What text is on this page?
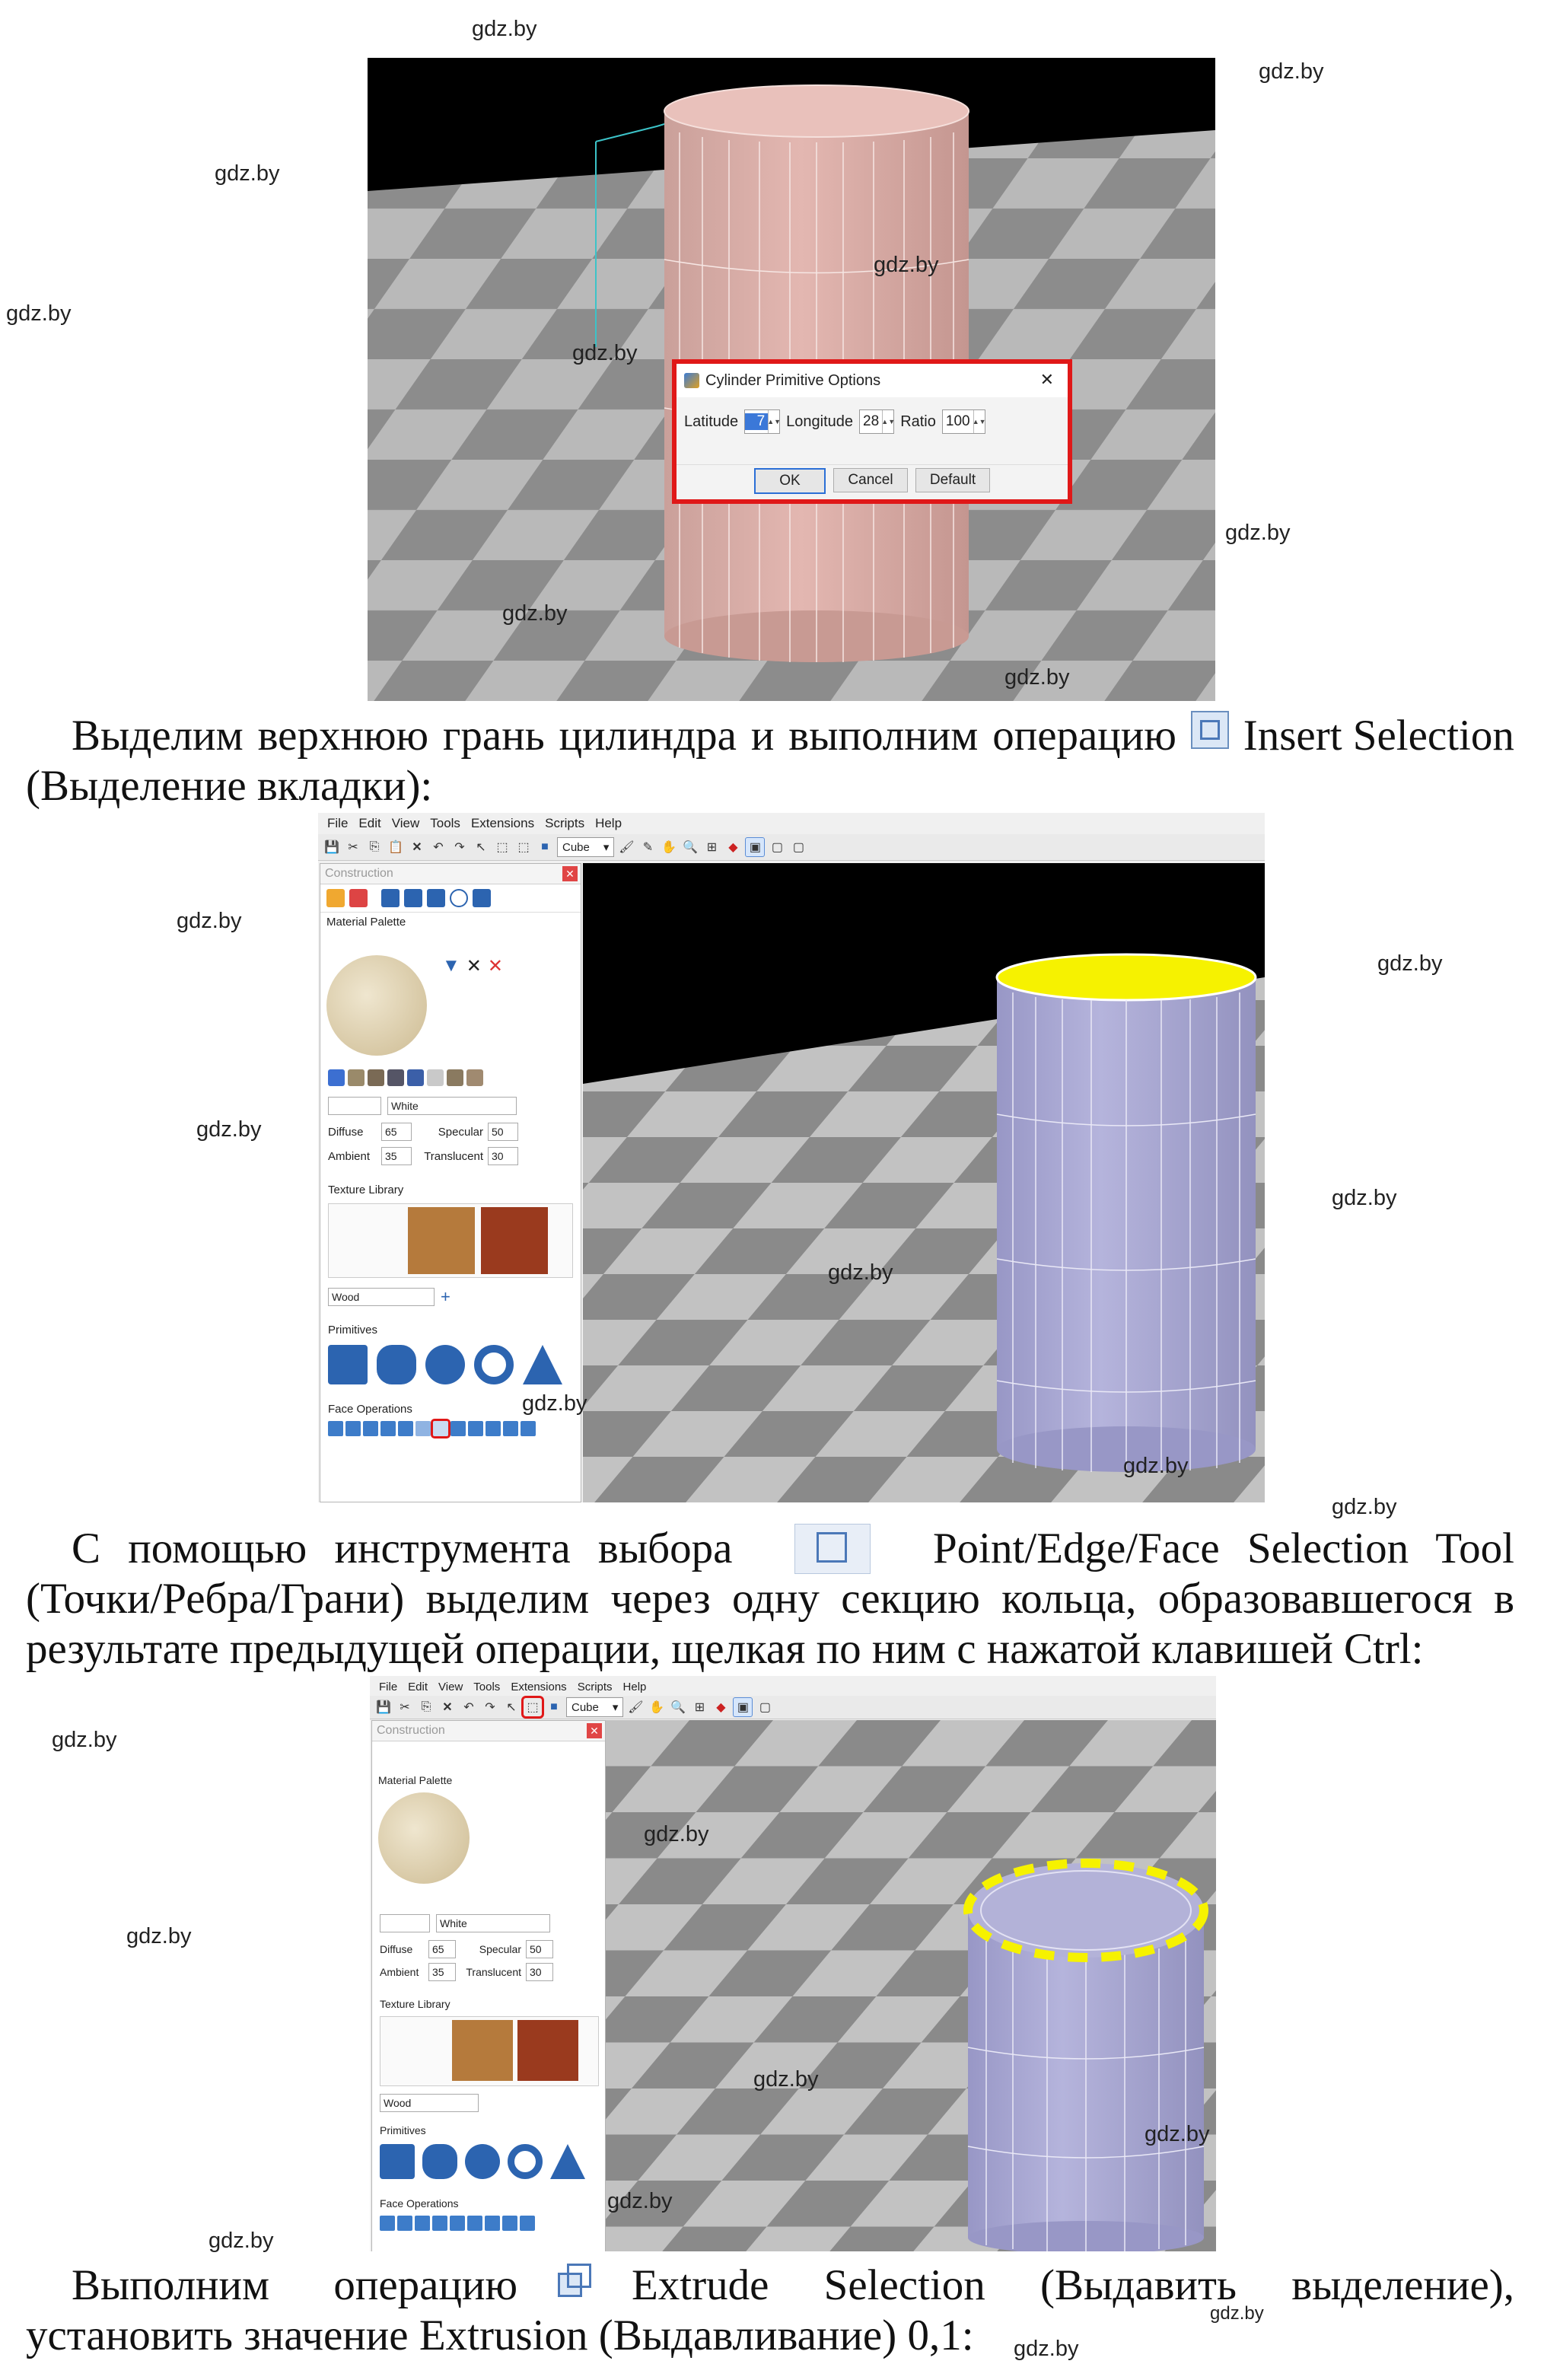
Cylinder Primitive Options	✕
Latitude	7 ▲▼ Longitude 28 ▲▼ Ratio 100 ▲▼
OK	Cancel	Default
Выделим верхнюю грань цилиндра и выполним операцию Insert Selection
(Выделение вкладки):
File Edit View Tools Extensions Scripts Help
💾 ✂ ⎘ 📋 ✕ ↶ ↷ ↖ ⬚ ⬚ ■	Cube ▾ 🖌 ✎ ✋ 🔍 ⊞ ◆ ▣ ▢ ▢
Construction	✕
Material Palette
▼ ✕ ✕
White
Diffuse	65	Specular 50
Ambient	35	Translucent 30
Texture Library
Wood	+
Primitives
Face Operations
С помощью инструмента выбора	Point/Edge/Face Selection Tool
(Точки/Ребра/Грани) выделим через одну секцию кольца, образовавшегося в
результате предыдущей операции, щелкая по ним с нажатой клавишей Ctrl:
File Edit View Tools Extensions Scripts Help
💾 ✂ ⎘ ✕ ↶ ↷ ↖ ⬚ ■	Cube ▾ 🖌 ✋ 🔍 ⊞ ◆ ▣ ▢
Construction	✕
Material Palette
White
Diffuse	65	Specular 50
Ambient	35	Translucent 30
Texture Library
Wood
Primitives
Face Operations
Выполним операцию	Extrude Selection (Выдавить выделение),
установить значение Extrusion (Выдавливание) 0,1:
gdz.by
gdz.by
gdz.by
gdz.by
gdz.by
gdz.by
gdz.by
gdz.by
gdz.by
gdz.by
gdz.by
gdz.by
gdz.by
gdz.by
gdz.by
gdz.by
gdz.by
gdz.by
gdz.by
gdz.by
gdz.by
gdz.by
gdz.by
gdz.by
gdz.by
gdz.by
